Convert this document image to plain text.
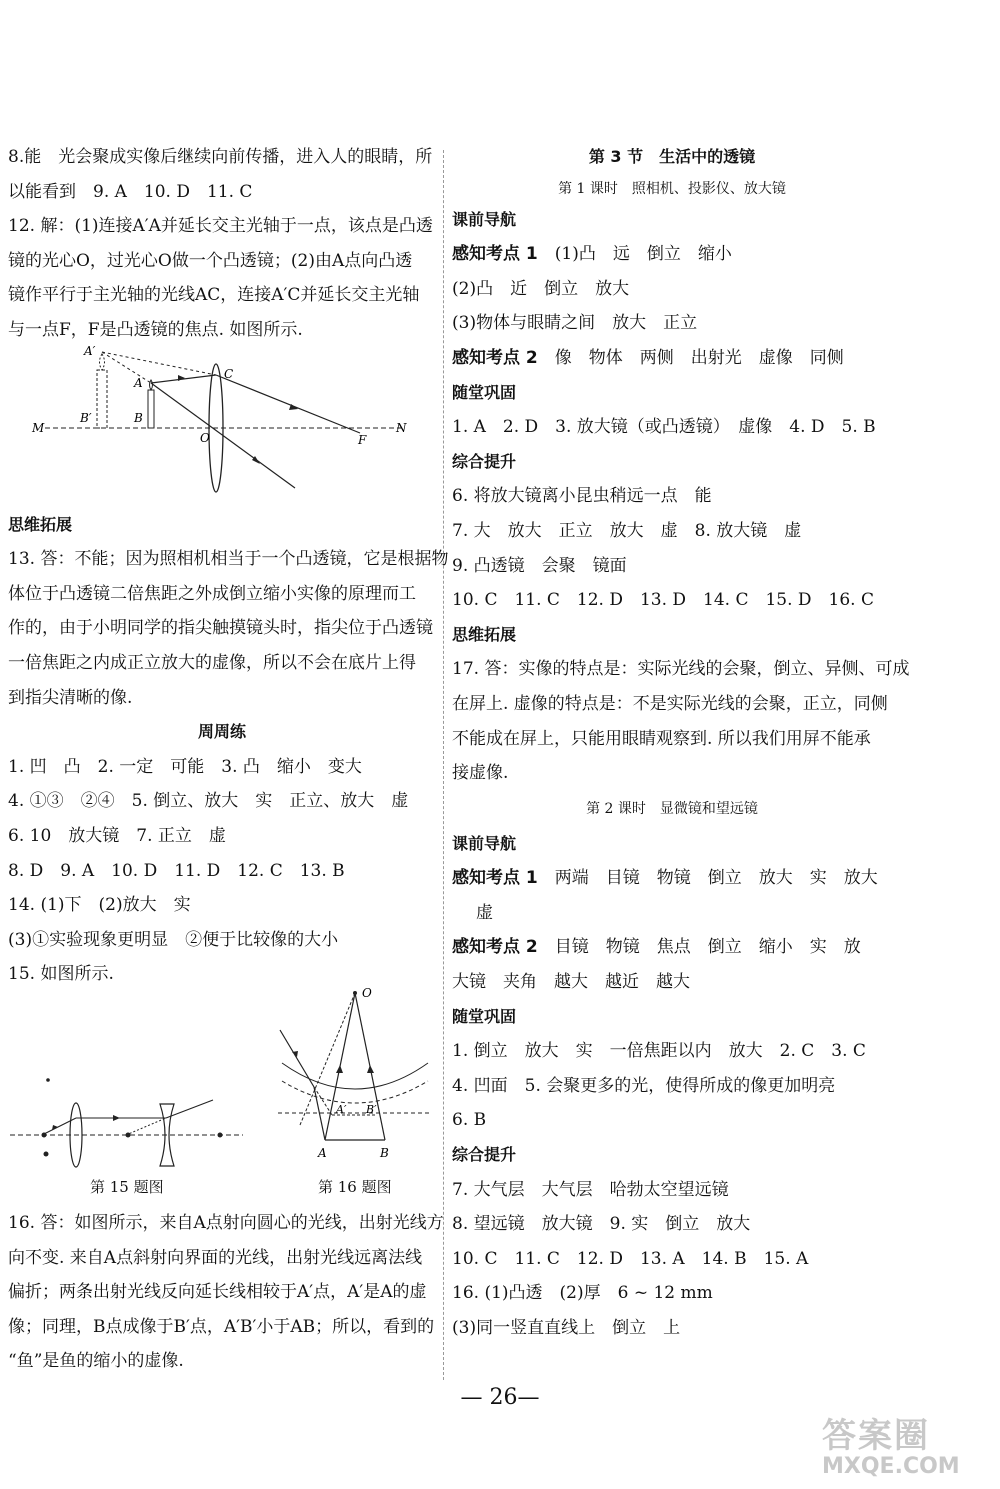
8.能　光会聚成实像后继续向前传播，进入人的眼睛，所
以能看到　9. A　10. D　11. C
12. 解：(1)连接A′A并延长交主光轴于一点，该点是凸透
镜的光心O，过光心O做一个凸透镜；(2)由A点向凸透
镜作平行于主光轴的光线AC，连接A′C并延长交主光轴
与一点F，F是凸透镜的焦点. 如图所示.
思维拓展
13. 答：不能；因为照相机相当于一个凸透镜，它是根据物
体位于凸透镜二倍焦距之外成倒立缩小实像的原理而工
作的，由于小明同学的指尖触摸镜头时，指尖位于凸透镜
一倍焦距之内成正立放大的虚像，所以不会在底片上得
到指尖清晰的像.
周周练
1. 凹　凸　2. 一定　可能　3. 凸　缩小　变大
4. ①③　②④　5. 倒立、放大　实　正立、放大　虚
6. 10　放大镜　7. 正立　虚
8. D　9. A　10. D　11. D　12. C　13. B
14. (1)下　(2)放大　实
(3)①实验现象更明显　②便于比较像的大小
15. 如图所示.
A′
A
B′	B
C
M
O	F
N
第 15 题图
O
A′ B′
A	B
第 16 题图
16. 答：如图所示，来自A点射向圆心的光线，出射光线方
向不变. 来自A点斜射向界面的光线，出射光线远离法线
偏折；两条出射光线反向延长线相较于A′点，A′是A的虚
像；同理，B点成像于B′点，A′B′小于AB；所以，看到的
“鱼”是鱼的缩小的虚像.
第 3 节　生活中的透镜
第 1 课时　照相机、投影仪、放大镜
课前导航
感知考点 1　(1)凸　远　倒立　缩小
(2)凸　近　倒立　放大
(3)物体与眼睛之间　放大　正立
感知考点 2　像　物体　两侧　出射光　虚像　同侧
随堂巩固
1. A　2. D　3. 放大镜（或凸透镜）　虚像　4. D　5. B
综合提升
6. 将放大镜离小昆虫稍远一点　能
7. 大　放大　正立　放大　虚　8. 放大镜　虚
9. 凸透镜　会聚　镜面
10. C　11. C　12. D　13. D　14. C　15. D　16. C
思维拓展
17. 答：实像的特点是：实际光线的会聚，倒立、异侧、可成
在屏上. 虚像的特点是：不是实际光线的会聚，正立，同侧
不能成在屏上，只能用眼睛观察到. 所以我们用屏不能承
接虚像.
第 2 课时　显微镜和望远镜
课前导航
感知考点 1　两端　目镜　物镜　倒立　放大　实　放大
虚
感知考点 2　目镜　物镜　焦点　倒立　缩小　实　放
大镜　夹角　越大　越近　越大
随堂巩固
1. 倒立　放大　实　一倍焦距以内　放大　2. C　3. C
4. 凹面　5. 会聚更多的光，使得所成的像更加明亮
6. B
综合提升
7. 大气层　大气层　哈勃太空望远镜
8. 望远镜　放大镜　9. 实　倒立　放大
10. C　11. C　12. D　13. A　14. B　15. A
16. (1)凸透　(2)厚　6 ~ 12 mm
(3)同一竖直直线上　倒立　上
— 26—
答案圈
MXQE.COM
